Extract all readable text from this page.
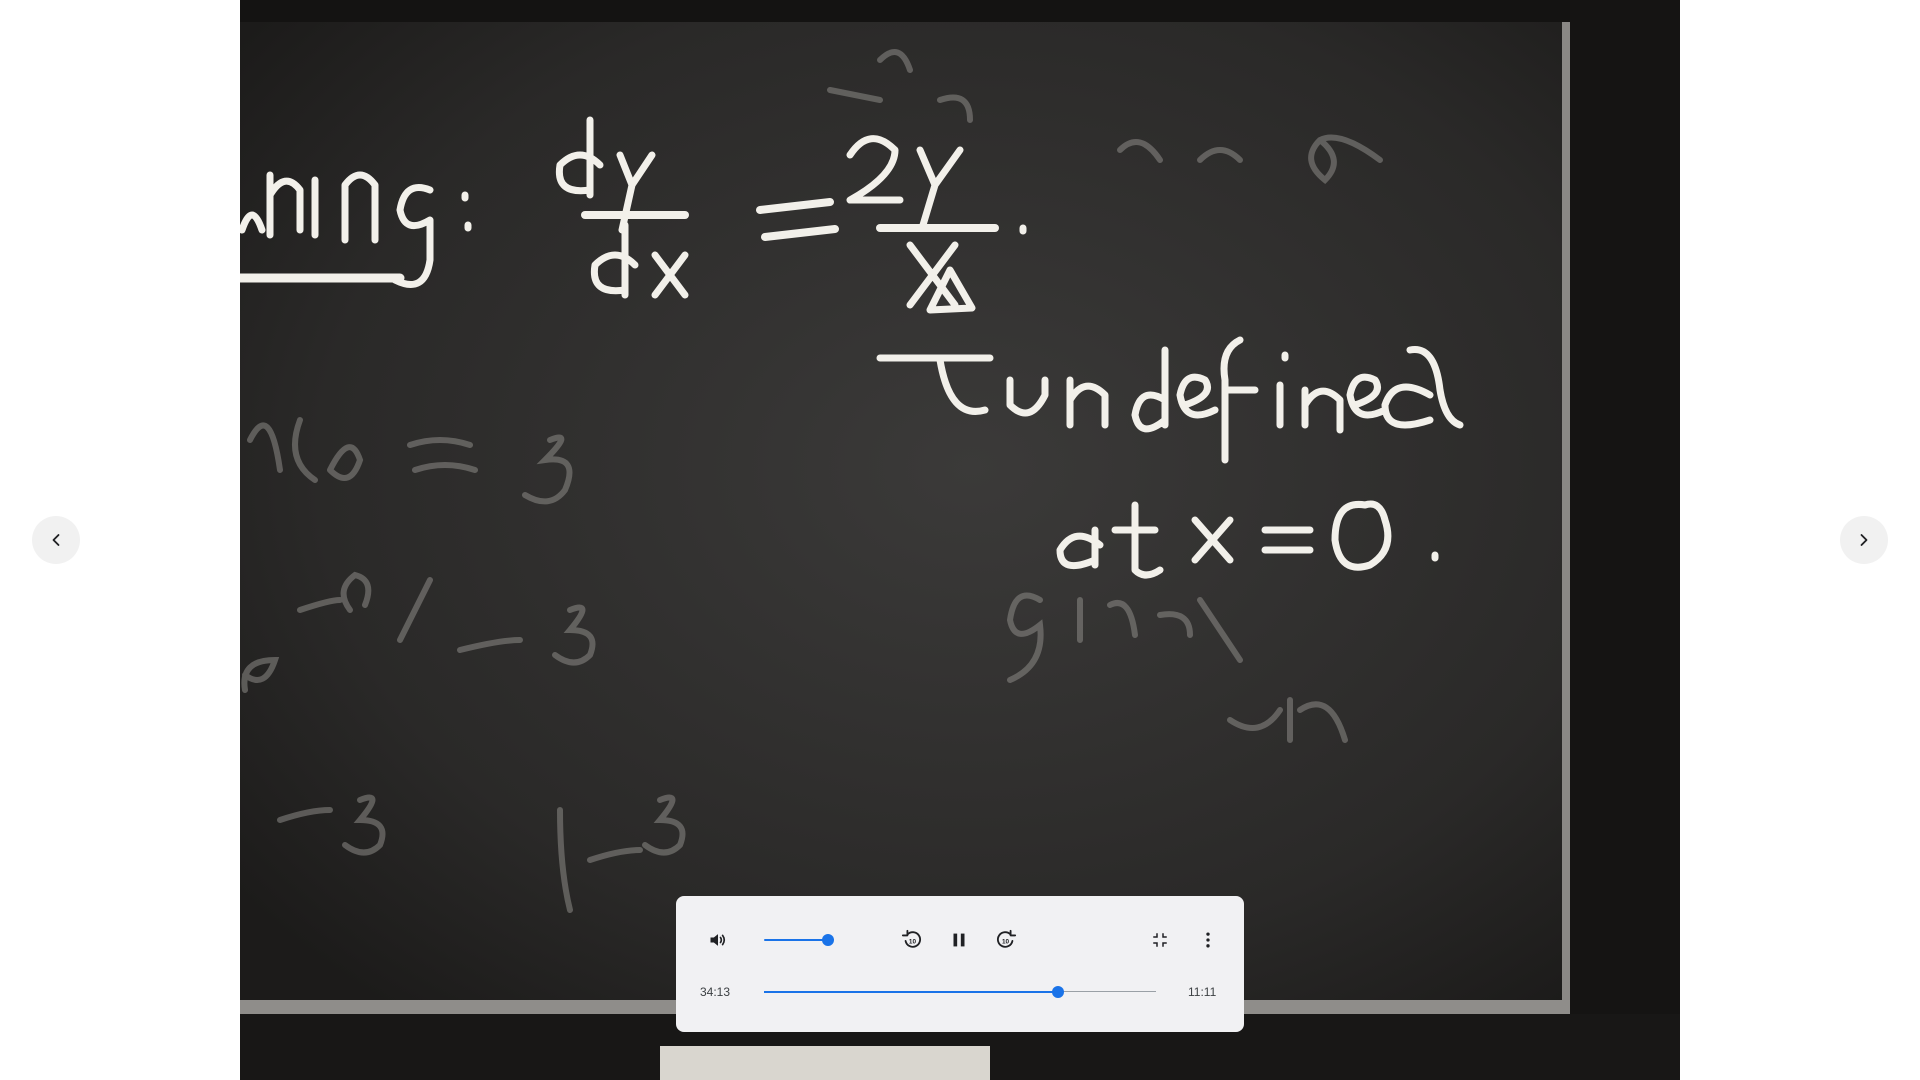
10	10
34:13	11:11
